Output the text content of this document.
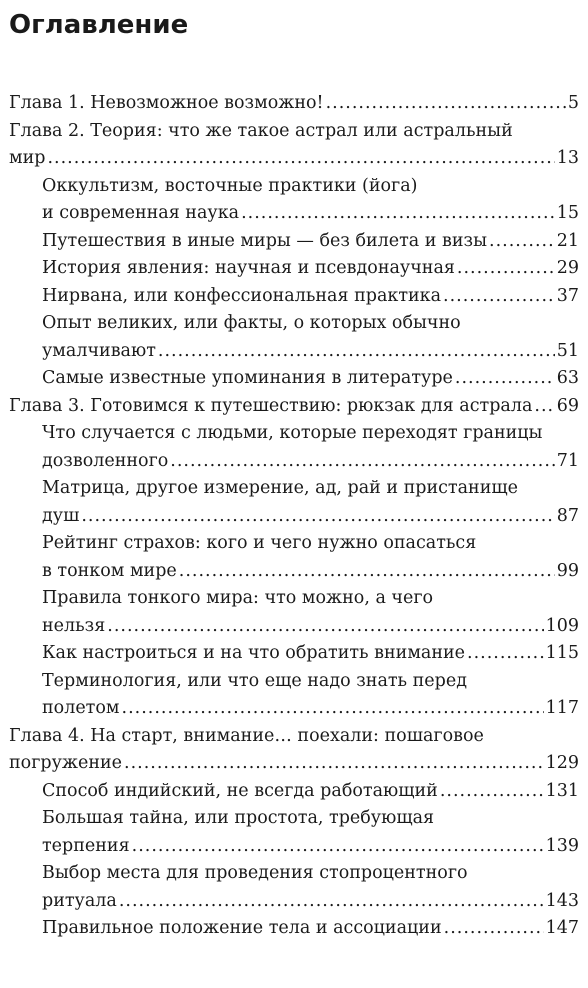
Оглавление
Глава 1. Невозможное возможно! .....	5
Глава 2. Теория: что же такое астрал или астральный
мир .....	13
Оккультизм, восточные практики (йога)
и современная наука .....	15
Путешествия в иные миры — без билета и визы .....	21
История явления: научная и псевдонаучная .....	29
Нирвана, или конфессиональная практика .....	37
Опыт великих, или факты, о которых обычно
умалчивают .....	51
Самые известные упоминания в литературе .....	63
Глава 3. Готовимся к путешествию: рюкзак для астрала ..... 69
Что случается с людьми, которые переходят границы
дозволенного .....	71
Матрица, другое измерение, ад, рай и пристанище
душ .....	87
Рейтинг страхов: кого и чего нужно опасаться
в тонком мире .....	99
Правила тонкого мира: что можно, а чего
нельзя .....	109
Как настроиться и на что обратить внимание .....	115
Терминология, или что еще надо знать перед
полетом .....	117
Глава 4. На старт, внимание… поехали: пошаговое
погружение .....	129
Способ индийский, не всегда работающий .....	131
Большая тайна, или простота, требующая
терпения .....	139
Выбор места для проведения стопроцентного
ритуала .....	143
Правильное положение тела и ассоциации .....	147
